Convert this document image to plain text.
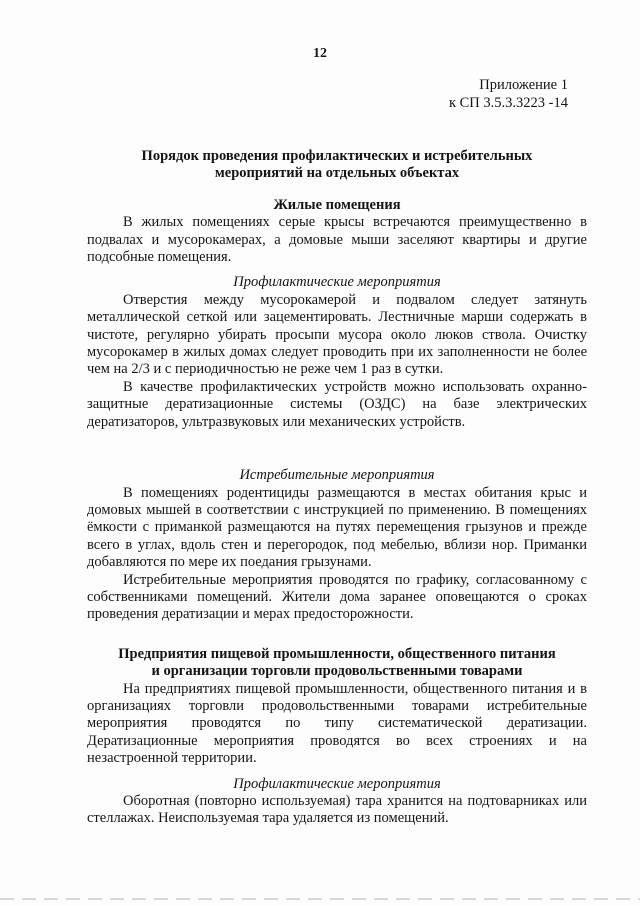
12
Приложение 1
к СП 3.5.3.3223 -14
Порядок проведения профилактических и истребительных
мероприятий на отдельных объектах

Жилые помещения

В жилых помещениях серые крысы встречаются преимущественно в подвалах и мусорокамерах, а домовые мыши заселяют квартиры и другие подсобные помещения.

Профилактические мероприятия

Отверстия между мусорокамерой и подвалом следует затянуть металлической сеткой или зацементировать. Лестничные марши содержать в чистоте, регулярно убирать просыпи мусора около люков ствола. Очистку мусорокамер в жилых домах следует проводить при их заполненности не более чем на 2/3 и с периодичностью не реже чем 1 раз в сутки.

В качестве профилактических устройств можно использовать охранно-защитные дератизационные системы (ОЗДС) на базе электрических дератизаторов, ультразвуковых или механических устройств.

Истребительные мероприятия

В помещениях родентициды размещаются в местах обитания крыс и домовых мышей в соответствии с инструкцией по применению. В помещениях ёмкости с приманкой размещаются на путях перемещения грызунов и прежде всего в углах, вдоль стен и перегородок, под мебелью, вблизи нор. Приманки добавляются по мере их поедания грызунами.

Истребительные мероприятия проводятся по графику, согласованному с собственниками помещений. Жители дома заранее оповещаются о сроках проведения дератизации и мерах предосторожности.

Предприятия пищевой промышленности, общественного питания
и организации торговли продовольственными товарами

На предприятиях пищевой промышленности, общественного питания и в организациях торговли продовольственными товарами истребительные мероприятия проводятся по типу систематической дератизации. Дератизационные мероприятия проводятся во всех строениях и на незастроенной территории.

Профилактические мероприятия

Оборотная (повторно используемая) тара хранится на подтоварниках или стеллажах. Неиспользуемая тара удаляется из помещений.
